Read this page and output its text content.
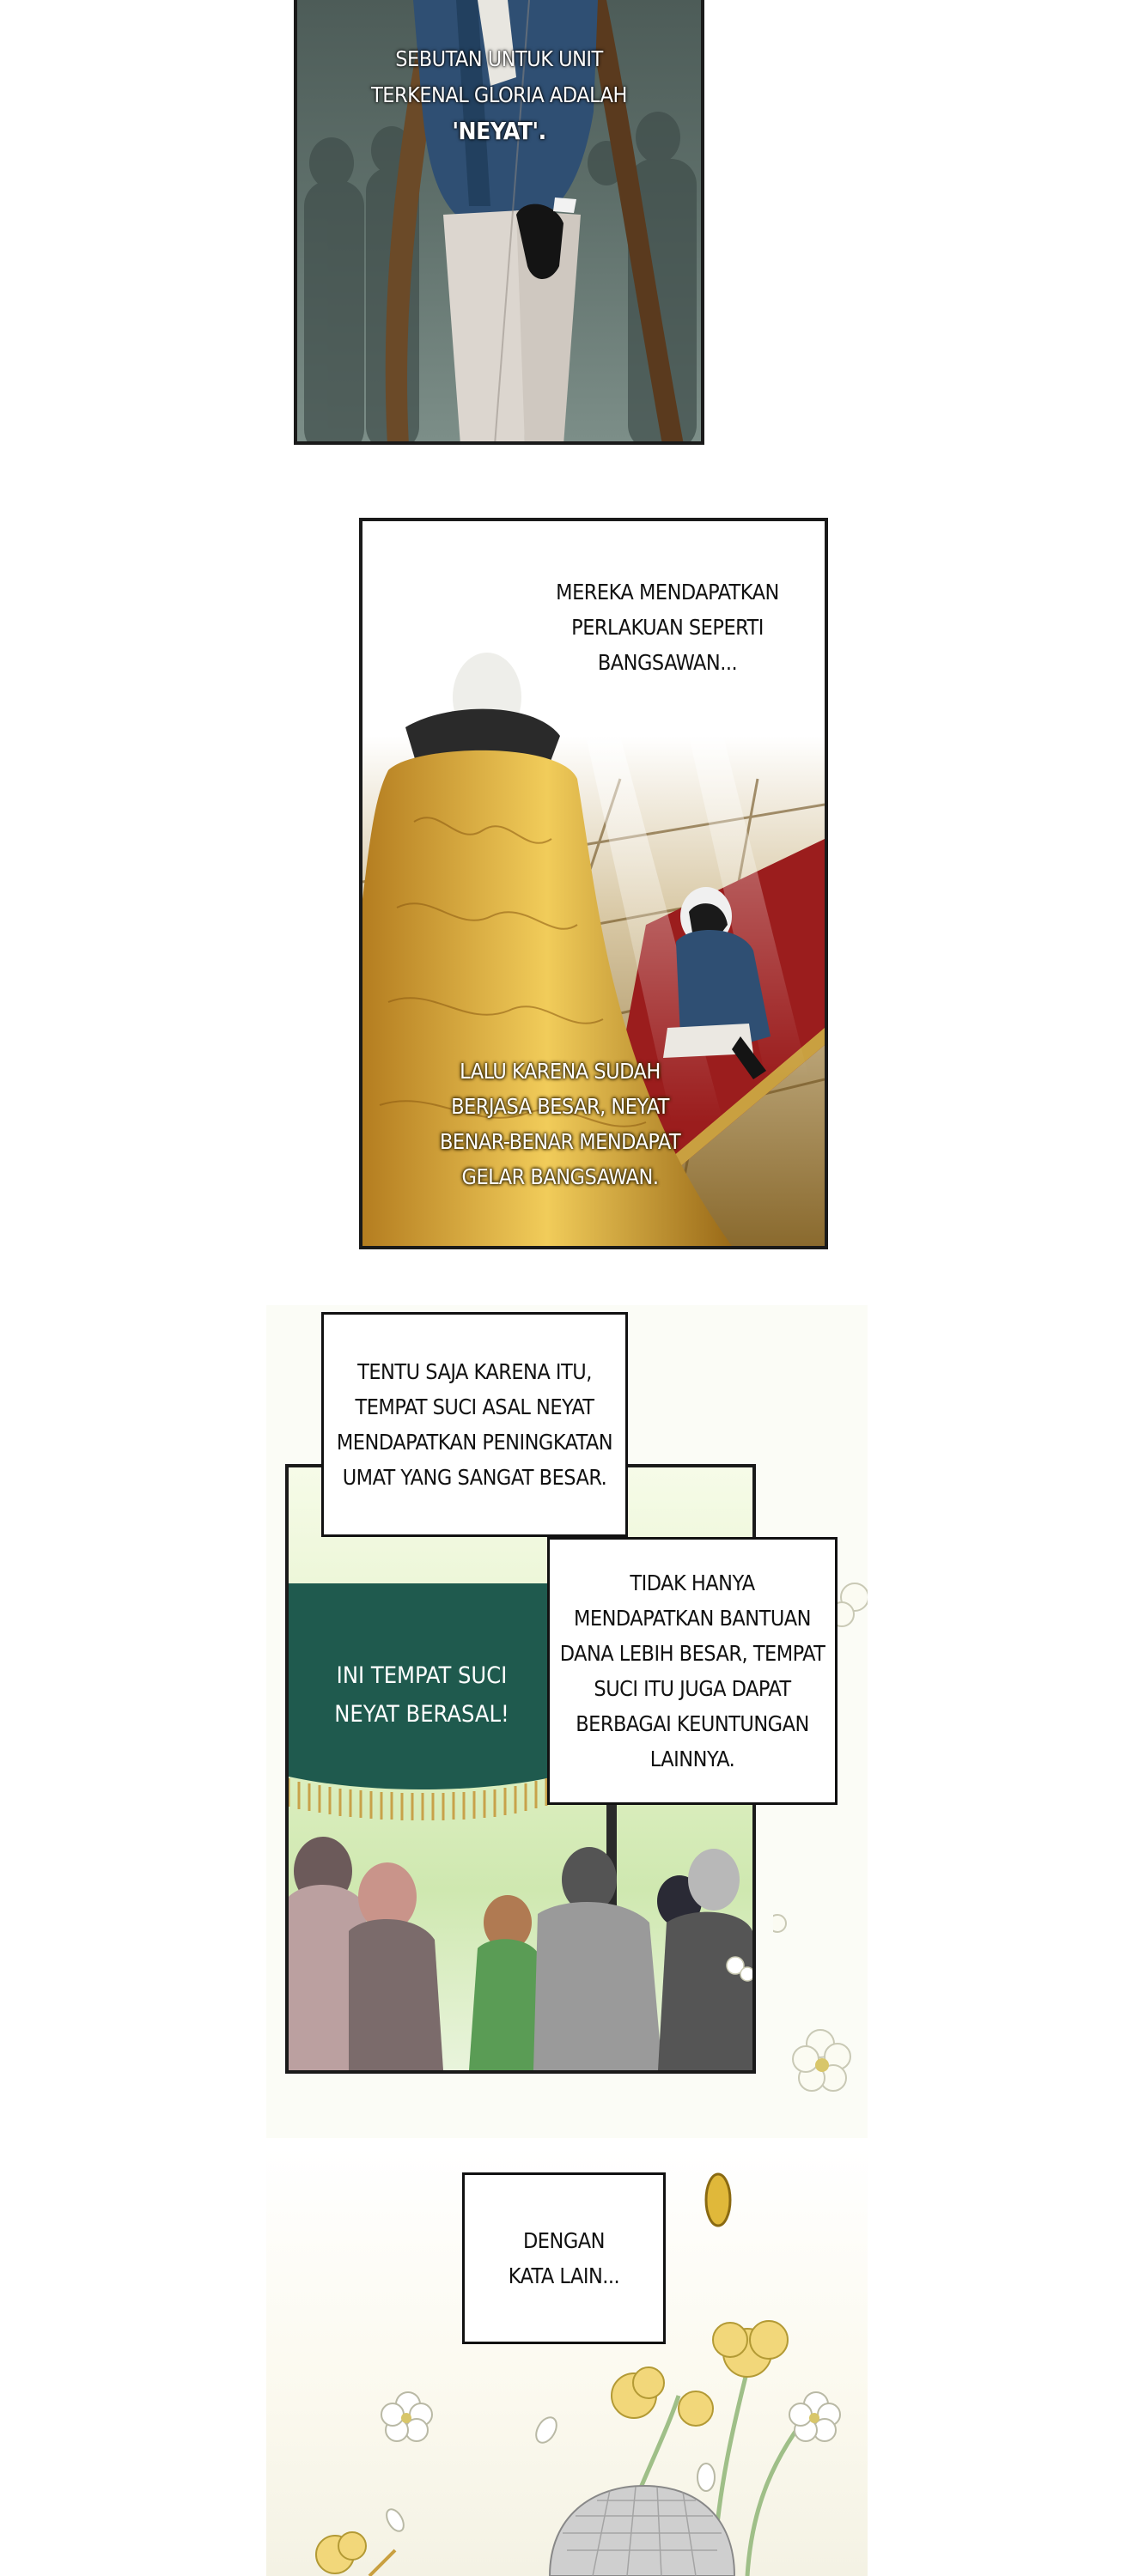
SEBUTAN UNTUK UNIT
TERKENAL GLORIA ADALAH
'NEYAT'.
MEREKA MENDAPATKAN
PERLAKUAN SEPERTI
BANGSAWAN...
LALU KARENA SUDAH
BERJASA BESAR, NEYAT
BENAR-BENAR MENDAPAT
GELAR BANGSAWAN.
INI TEMPAT SUCI
NEYAT BERASAL!
TENTU SAJA KARENA ITU,
TEMPAT SUCI ASAL NEYAT
MENDAPATKAN PENINGKATAN
UMAT YANG SANGAT BESAR.
TIDAK HANYA
MENDAPATKAN BANTUAN
DANA LEBIH BESAR, TEMPAT
SUCI ITU JUGA DAPAT
BERBAGAI KEUNTUNGAN
LAINNYA.
DENGAN
KATA LAIN...
